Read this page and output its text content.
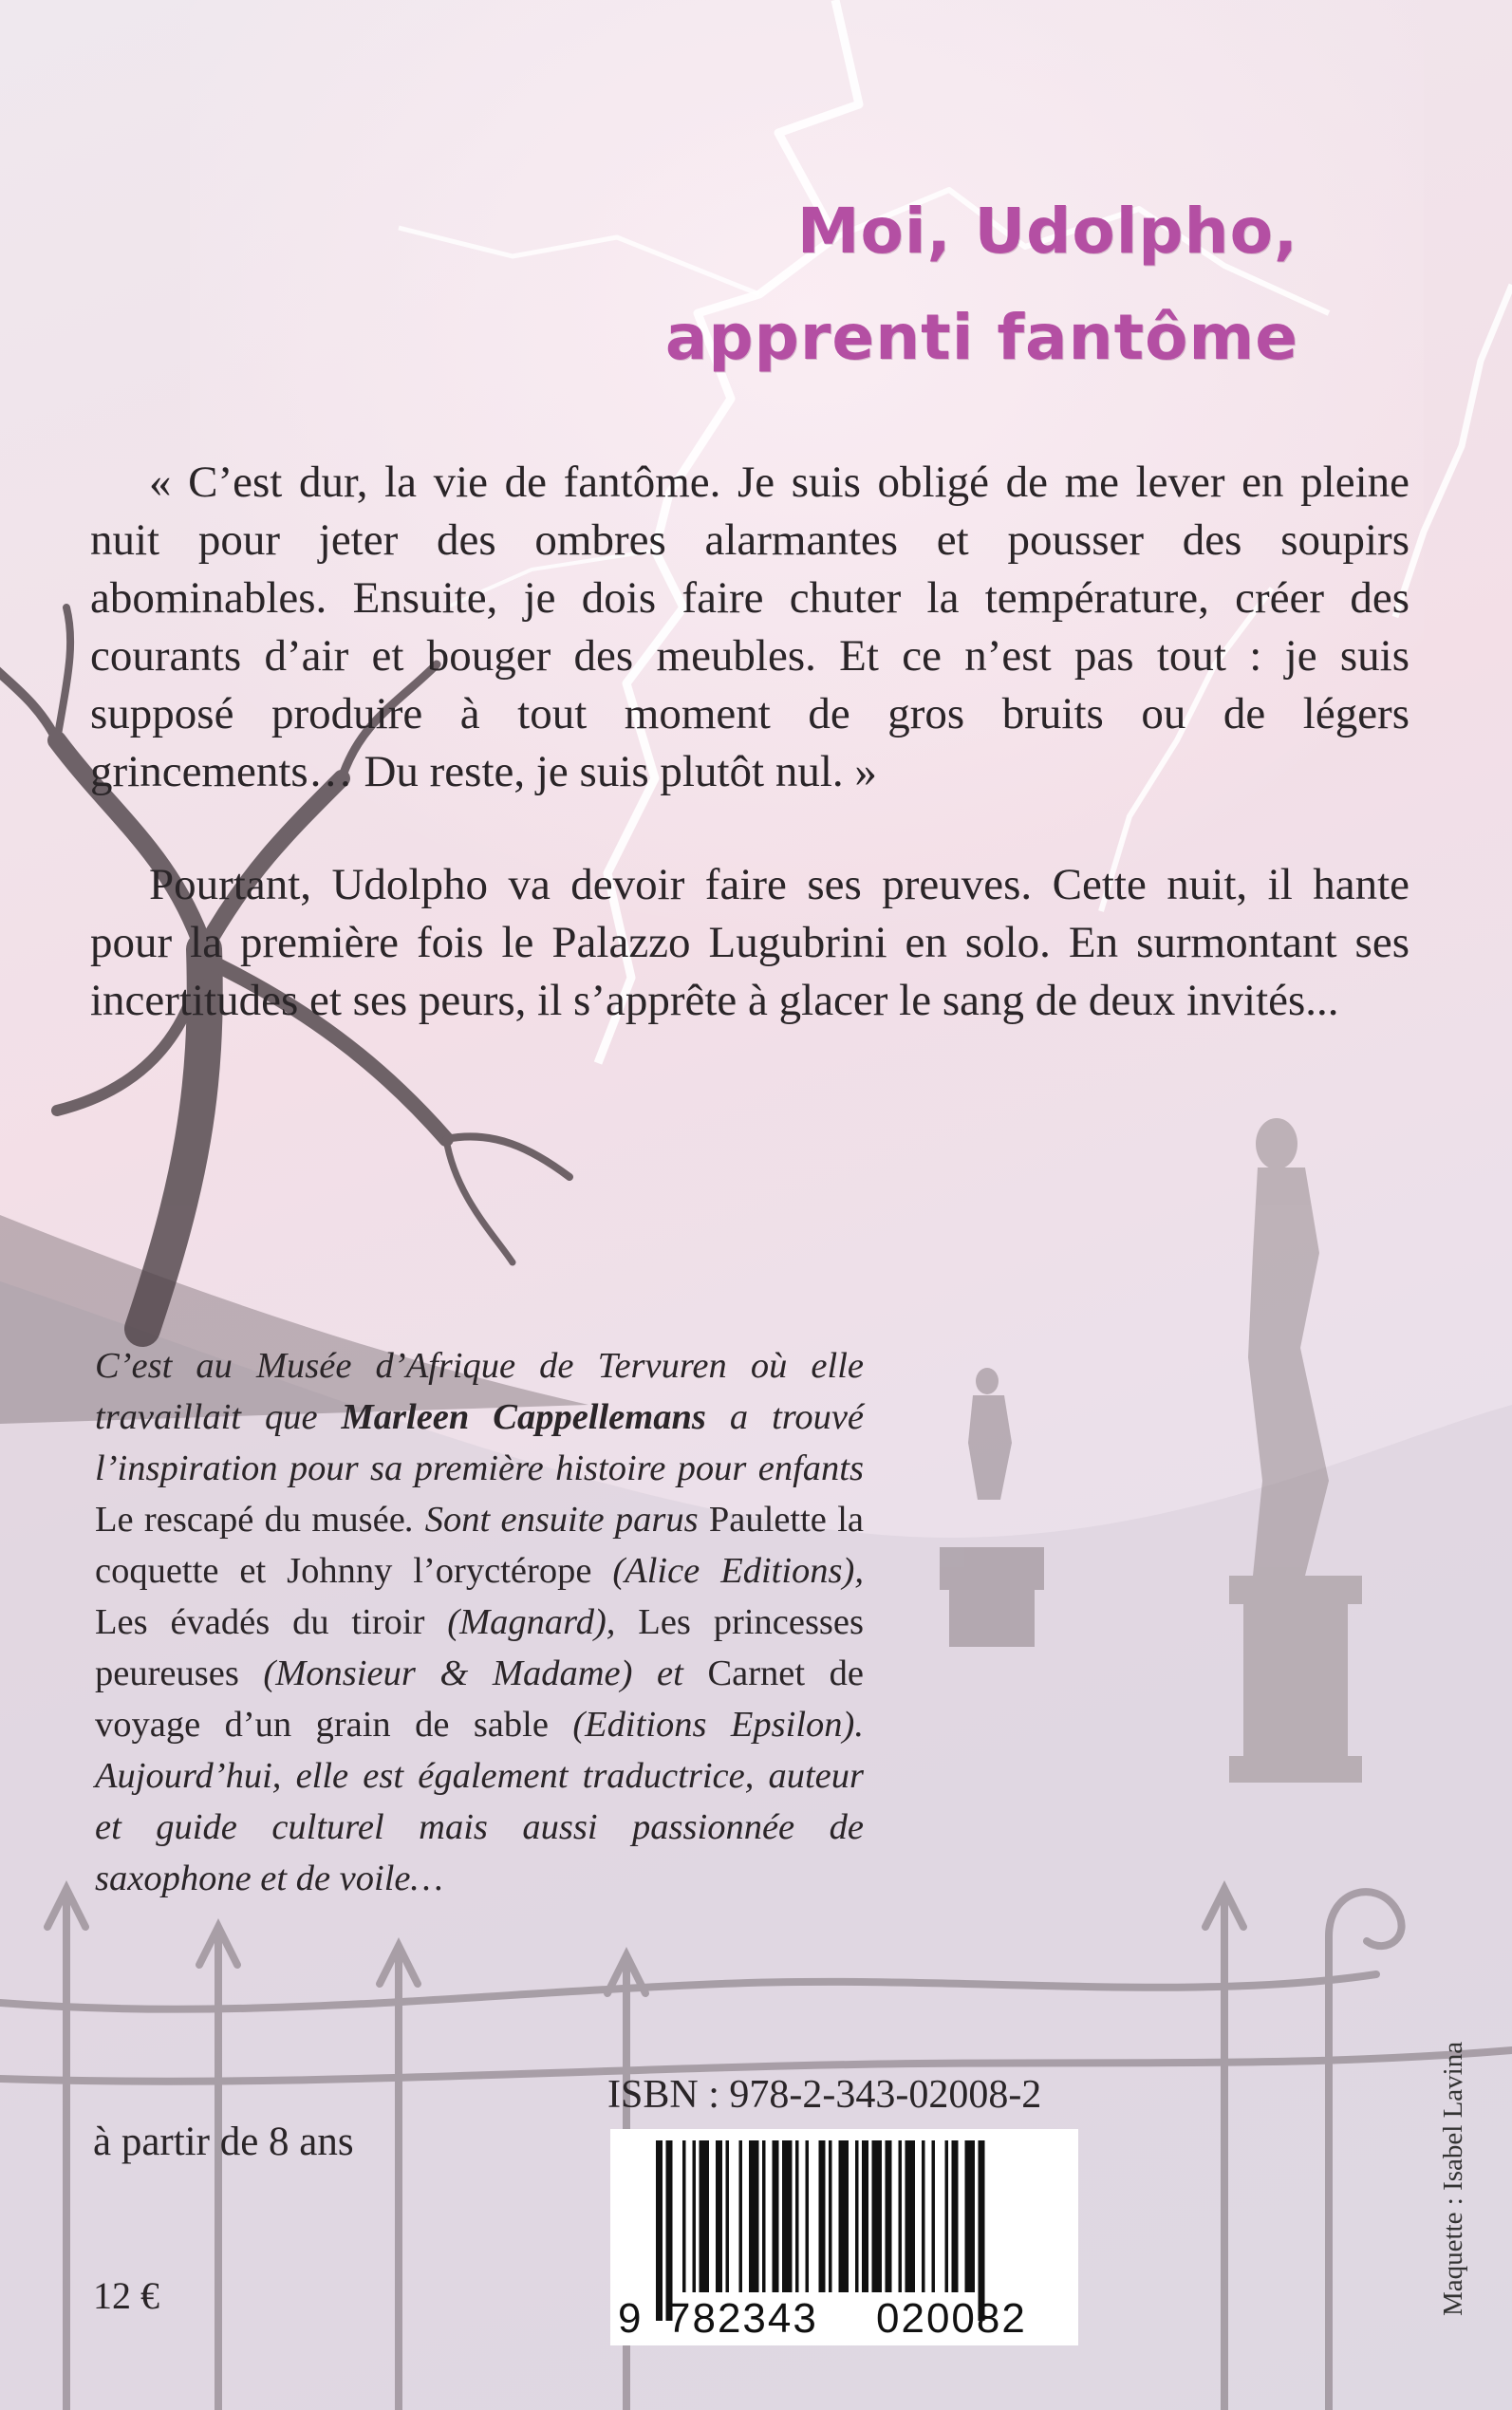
Moi, Udolpho,

apprenti fantôme

« C’est dur, la vie de fantôme. Je suis obligé de me lever en pleine nuit pour jeter des ombres alarmantes et pousser des soupirs abominables. Ensuite, je dois faire chuter la température, créer des courants d’air et bouger des meubles. Et ce n’est pas tout : je suis supposé produire à tout moment de gros bruits ou de légers grincements… Du reste, je suis plutôt nul. »

Pourtant, Udolpho va devoir faire ses preuves. Cette nuit, il hante pour la première fois le Palazzo Lugubrini en solo. En surmontant ses incertitudes et ses peurs, il s’apprête à glacer le sang de deux invités...

C’est au Musée d’Afrique de Tervuren où elle travaillait que Marleen Cappellemans a trouvé l’inspiration pour sa première histoire pour enfants Le rescapé du musée. Sont ensuite parus Paulette la coquette et Johnny l’oryctérope (Alice Editions), Les évadés du tiroir (Magnard), Les princesses peureuses (Monsieur & Madame) et Carnet de voyage d’un grain de sable (Editions Epsilon). Aujourd’hui, elle est également traductrice, auteur et guide culturel mais aussi passionnée de saxophone et de voile…

à partir de 8 ans

12 €

ISBN : 978-2-343-02008-2

9 782343 020082

Maquette : Isabel Lavina
